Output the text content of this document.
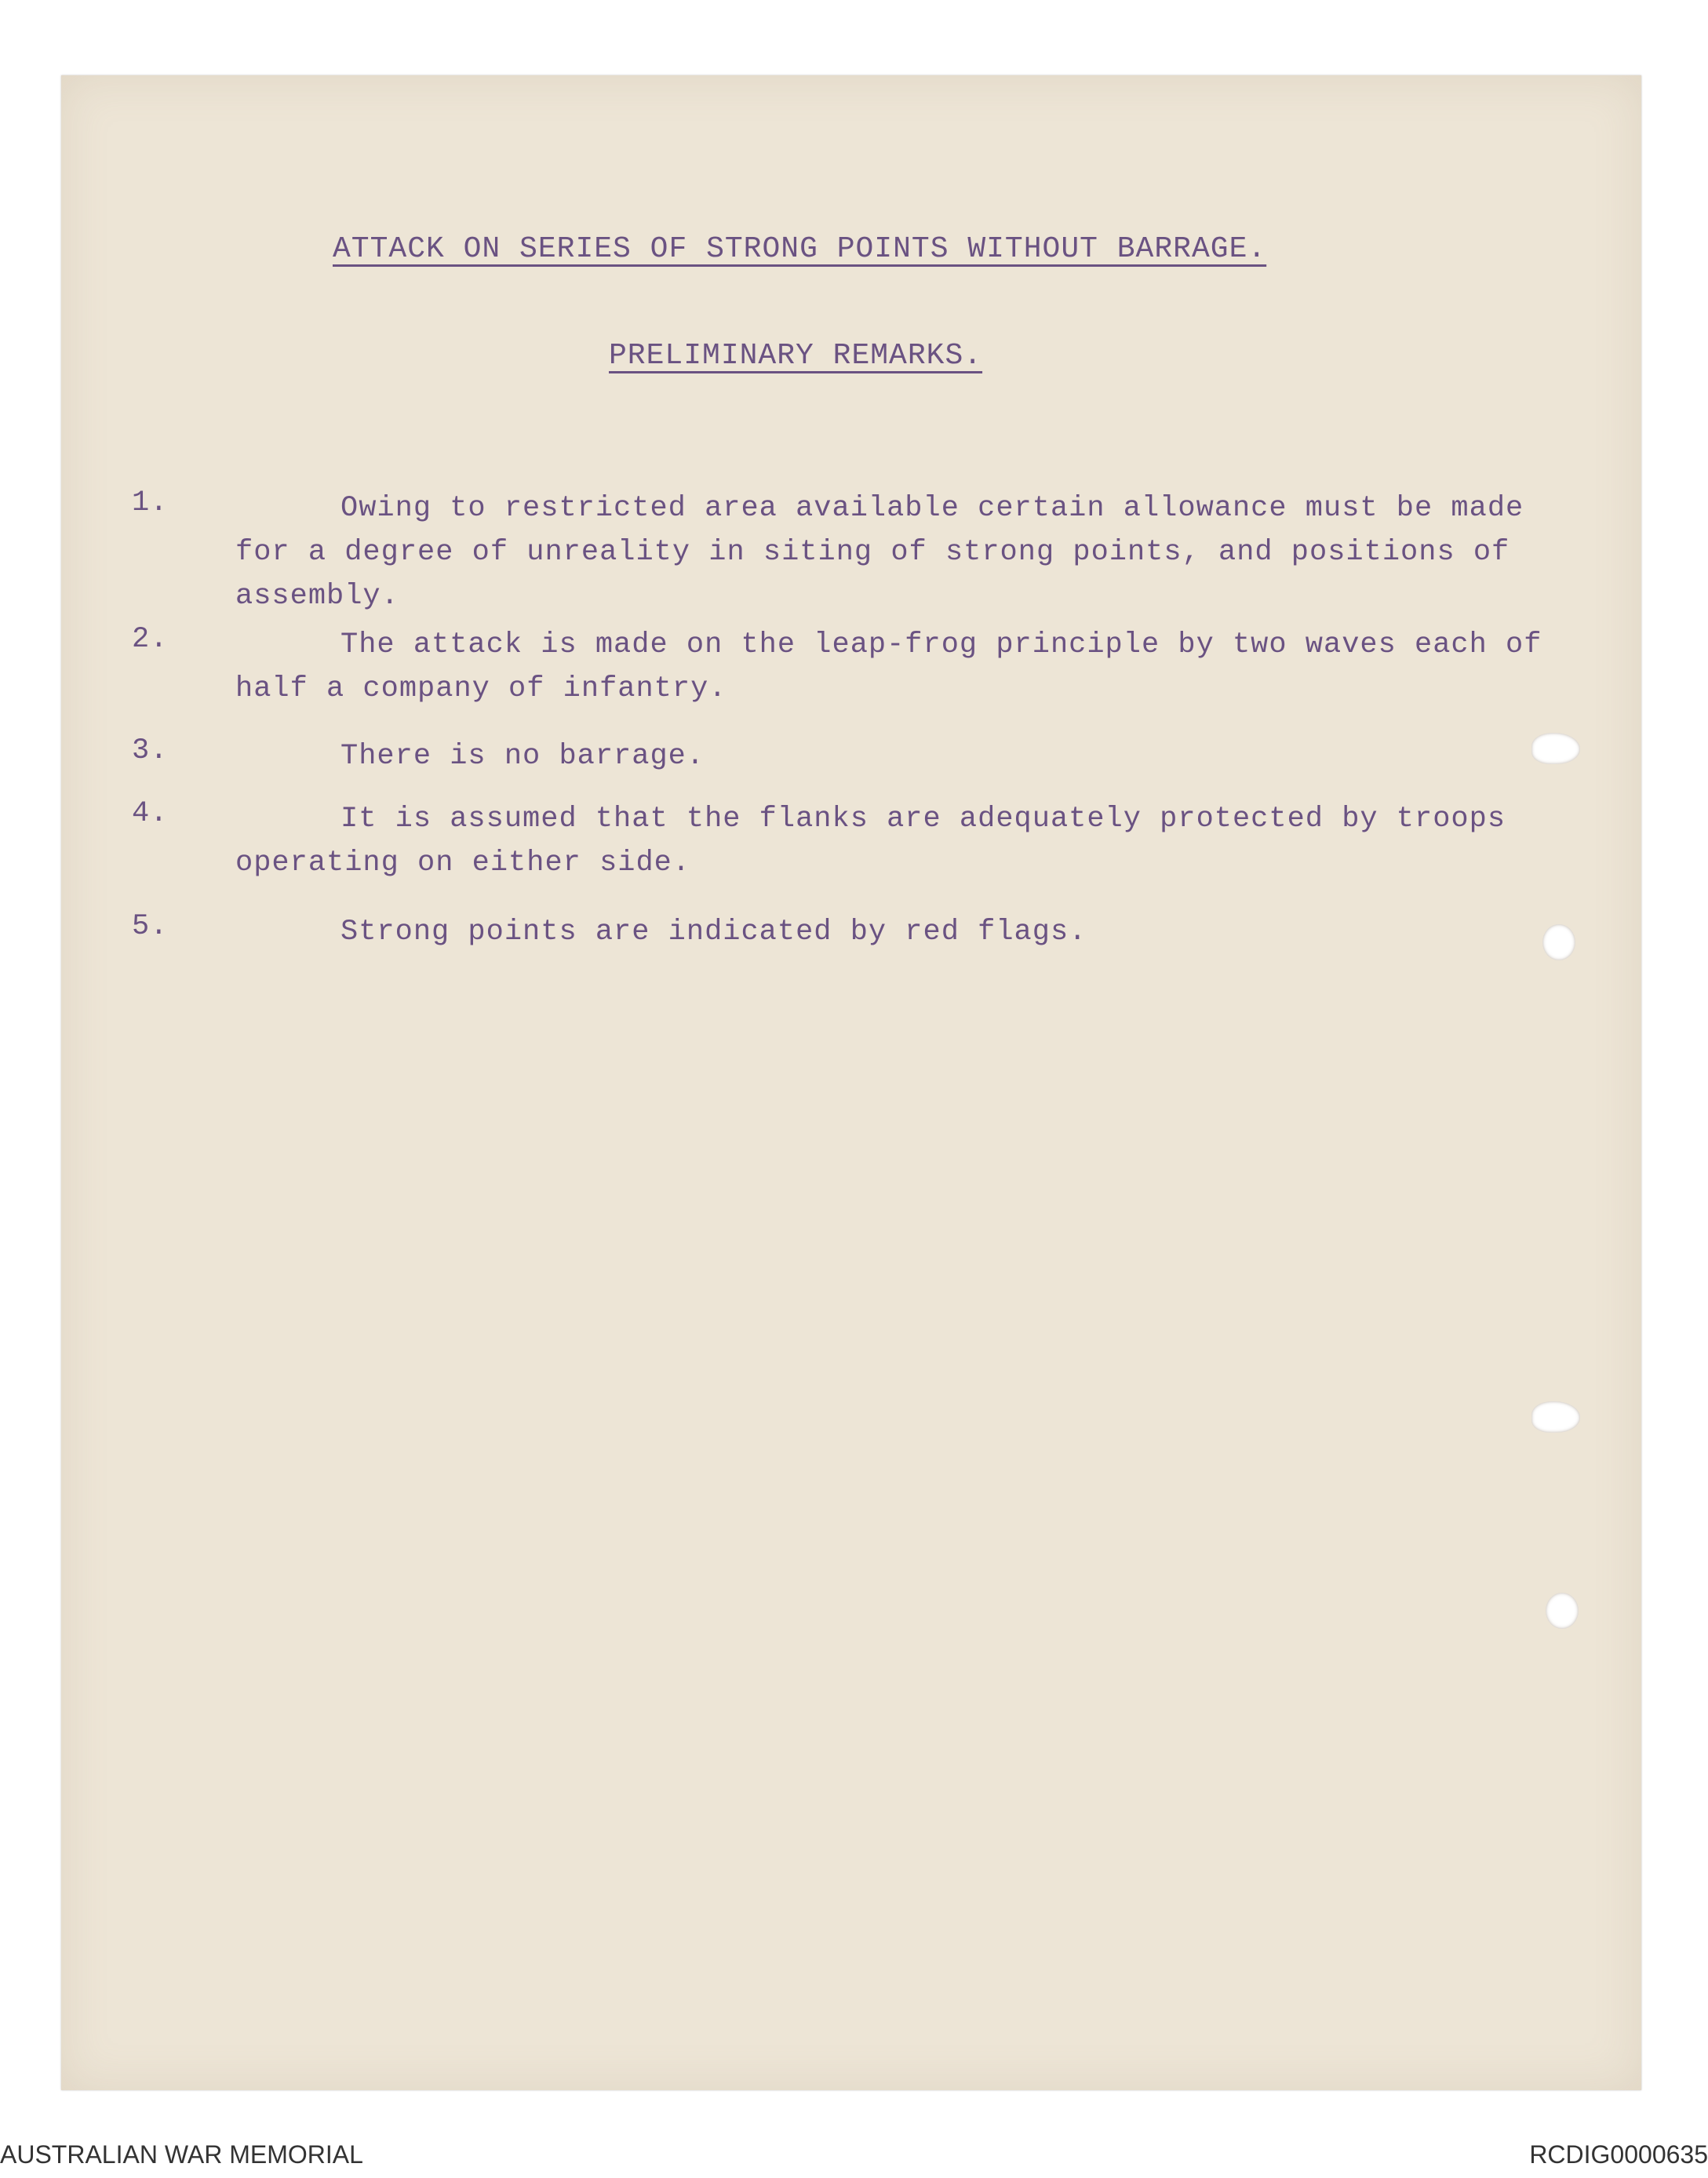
ATTACK ON SERIES OF STRONG POINTS WITHOUT BARRAGE.
PRELIMINARY REMARKS.
1.	Owing to restricted area available certain allowance must be made for a degree of unreality in siting of strong points, and positions of assembly.
2.	The attack is made on the leap-frog principle by two waves each of half a company of infantry.
3.	There is no barrage.
4.	It is assumed that the flanks are adequately protected by troops operating on either side.
5.	Strong points are indicated by red flags.
AUSTRALIAN WAR MEMORIAL	RCDIG0000635
